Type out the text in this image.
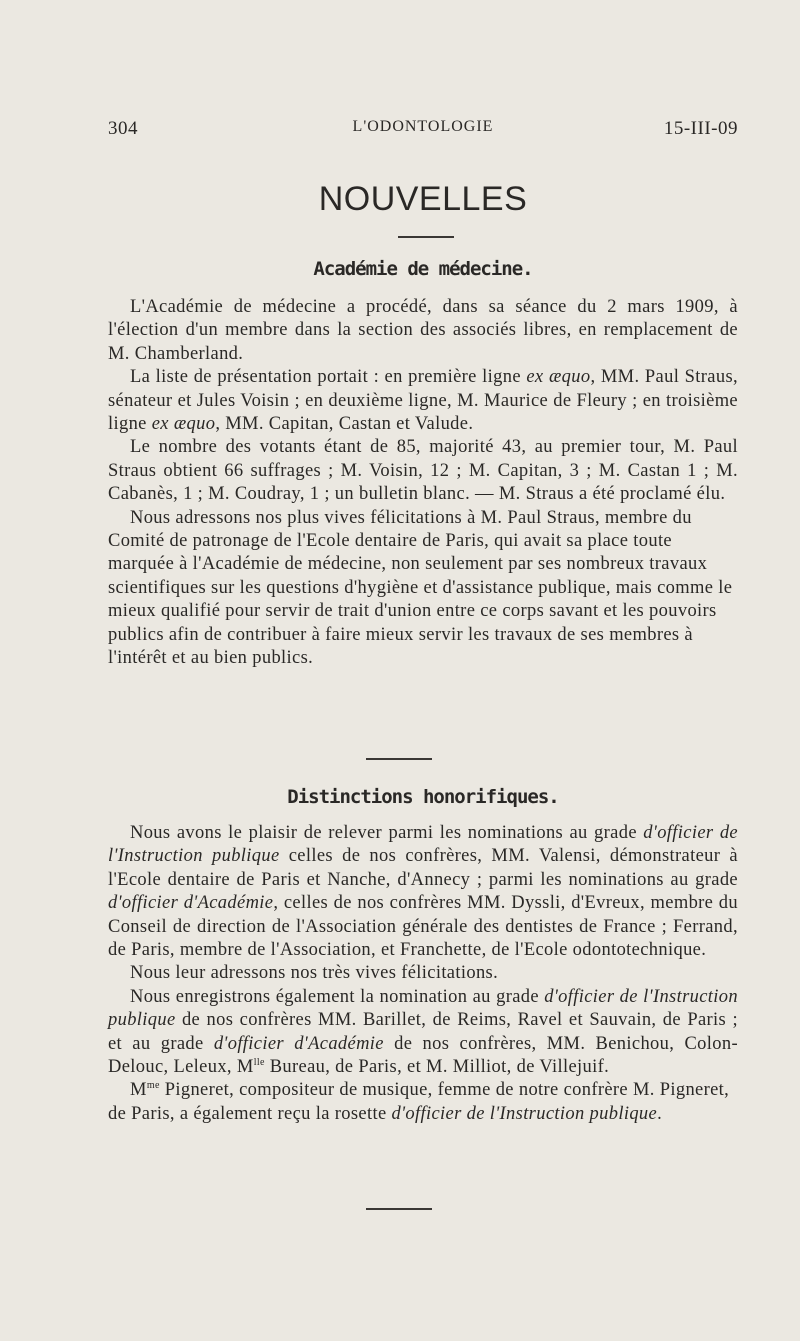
304	L'ODONTOLOGIE	15-III-09
NOUVELLES
Académie de médecine.

L'Académie de médecine a procédé, dans sa séance du 2 mars 1909, à l'élection d'un membre dans la section des associés libres, en remplacement de M. Chamberland.

La liste de présentation portait : en première ligne ex æquo, MM. Paul Straus, sénateur et Jules Voisin ; en deuxième ligne, M. Maurice de Fleury ; en troisième ligne ex æquo, MM. Capitan, Castan et Valude.

Le nombre des votants étant de 85, majorité 43, au premier tour, M. Paul Straus obtient 66 suffrages ; M. Voisin, 12 ; M. Capitan, 3 ; M. Castan 1 ; M. Cabanès, 1 ; M. Coudray, 1 ; un bulletin blanc. — M. Straus a été proclamé élu.

Nous adressons nos plus vives félicitations à M. Paul Straus, membre du Comité de patronage de l'Ecole dentaire de Paris, qui avait sa place toute marquée à l'Académie de médecine, non seulement par ses nombreux travaux scientifiques sur les questions d'hygiène et d'assistance publique, mais comme le mieux qualifié pour servir de trait d'union entre ce corps savant et les pouvoirs publics afin de contribuer à faire mieux servir les travaux de ses membres à l'intérêt et au bien publics.

Distinctions honorifiques.

Nous avons le plaisir de relever parmi les nominations au grade d'officier de l'Instruction publique celles de nos confrères, MM. Valensi, démonstrateur à l'Ecole dentaire de Paris et Nanche, d'Annecy ; parmi les nominations au grade d'officier d'Académie, celles de nos confrères MM. Dyssli, d'Evreux, membre du Conseil de direction de l'Association générale des dentistes de France ; Ferrand, de Paris, membre de l'Association, et Franchette, de l'Ecole odontotechnique.

Nous leur adressons nos très vives félicitations.

Nous enregistrons également la nomination au grade d'officier de l'Instruction publique de nos confrères MM. Barillet, de Reims, Ravel et Sauvain, de Paris ; et au grade d'officier d'Académie de nos confrères, MM. Benichou, Colon-Delouc, Leleux, $M^{lle}$ Bureau, de Paris, et M. Milliot, de Villejuif.

$M^{me}$ Pigneret, compositeur de musique, femme de notre confrère M. Pigneret, de Paris, a également reçu la rosette d'officier de l'Instruction publique.
